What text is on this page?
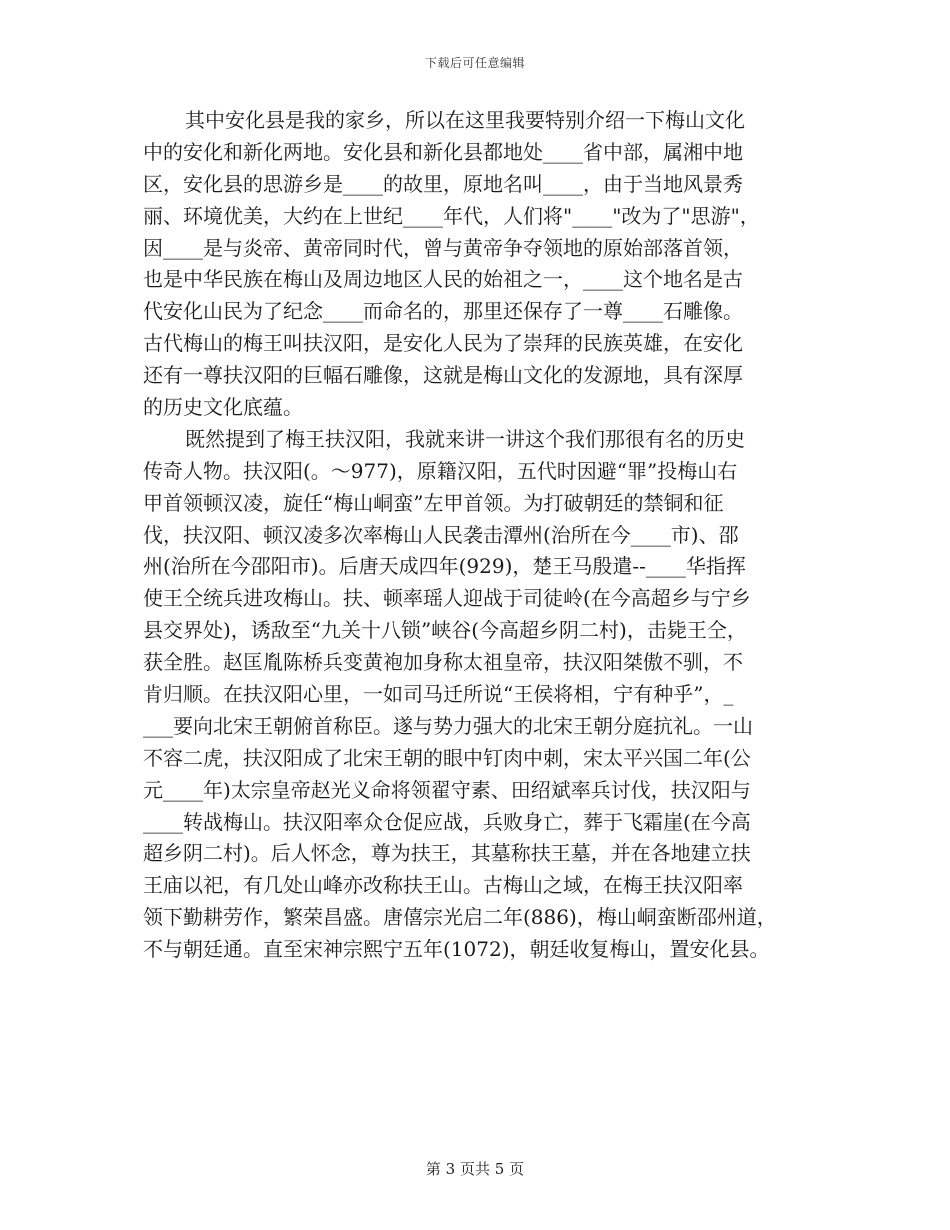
下载后可任意编辑
其中安化县是我的家乡，所以在这里我要特别介绍一下梅山文化
中的安化和新化两地。安化县和新化县都地处____省中部，属湘中地
区，安化县的思游乡是____的故里，原地名叫____，由于当地风景秀
丽、环境优美，大约在上世纪____年代，人们将"____"改为了"思游"，
因____是与炎帝、黄帝同时代，曾与黄帝争夺领地的原始部落首领，
也是中华民族在梅山及周边地区人民的始祖之一，____这个地名是古
代安化山民为了纪念____而命名的，那里还保存了一尊____石雕像。
古代梅山的梅王叫扶汉阳，是安化人民为了崇拜的民族英雄，在安化
还有一尊扶汉阳的巨幅石雕像，这就是梅山文化的发源地，具有深厚
的历史文化底蕴。
既然提到了梅王扶汉阳，我就来讲一讲这个我们那很有名的历史
传奇人物。扶汉阳(。～977)，原籍汉阳，五代时因避“罪”投梅山右
甲首领顿汉凌，旋任“梅山峒蛮”左甲首领。为打破朝廷的禁铜和征
伐，扶汉阳、顿汉凌多次率梅山人民袭击潭州(治所在今____市)、邵
州(治所在今邵阳市)。后唐天成四年(929)，楚王马殷遣--____华指挥
使王仝统兵进攻梅山。扶、顿率瑶人迎战于司徒岭(在今高超乡与宁乡
县交界处)，诱敌至“九关十八锁”峡谷(今高超乡阴二村)，击毙王仝，
获全胜。赵匡胤陈桥兵变黄袍加身称太祖皇帝，扶汉阳桀傲不驯，不
肯归顺。在扶汉阳心里，一如司马迁所说“王侯将相，宁有种乎”，_
___要向北宋王朝俯首称臣。遂与势力强大的北宋王朝分庭抗礼。一山
不容二虎，扶汉阳成了北宋王朝的眼中钉肉中刺，宋太平兴国二年(公
元____年)太宗皇帝赵光义命将领翟守素、田绍斌率兵讨伐，扶汉阳与
____转战梅山。扶汉阳率众仓促应战，兵败身亡，葬于飞霜崖(在今高
超乡阴二村)。后人怀念，尊为扶王，其墓称扶王墓，并在各地建立扶
王庙以祀，有几处山峰亦改称扶王山。古梅山之域，在梅王扶汉阳率
领下勤耕劳作，繁荣昌盛。唐僖宗光启二年(886)，梅山峒蛮断邵州道，
不与朝廷通。直至宋神宗熙宁五年(1072)，朝廷收复梅山，置安化县。
第 3 页共 5 页
